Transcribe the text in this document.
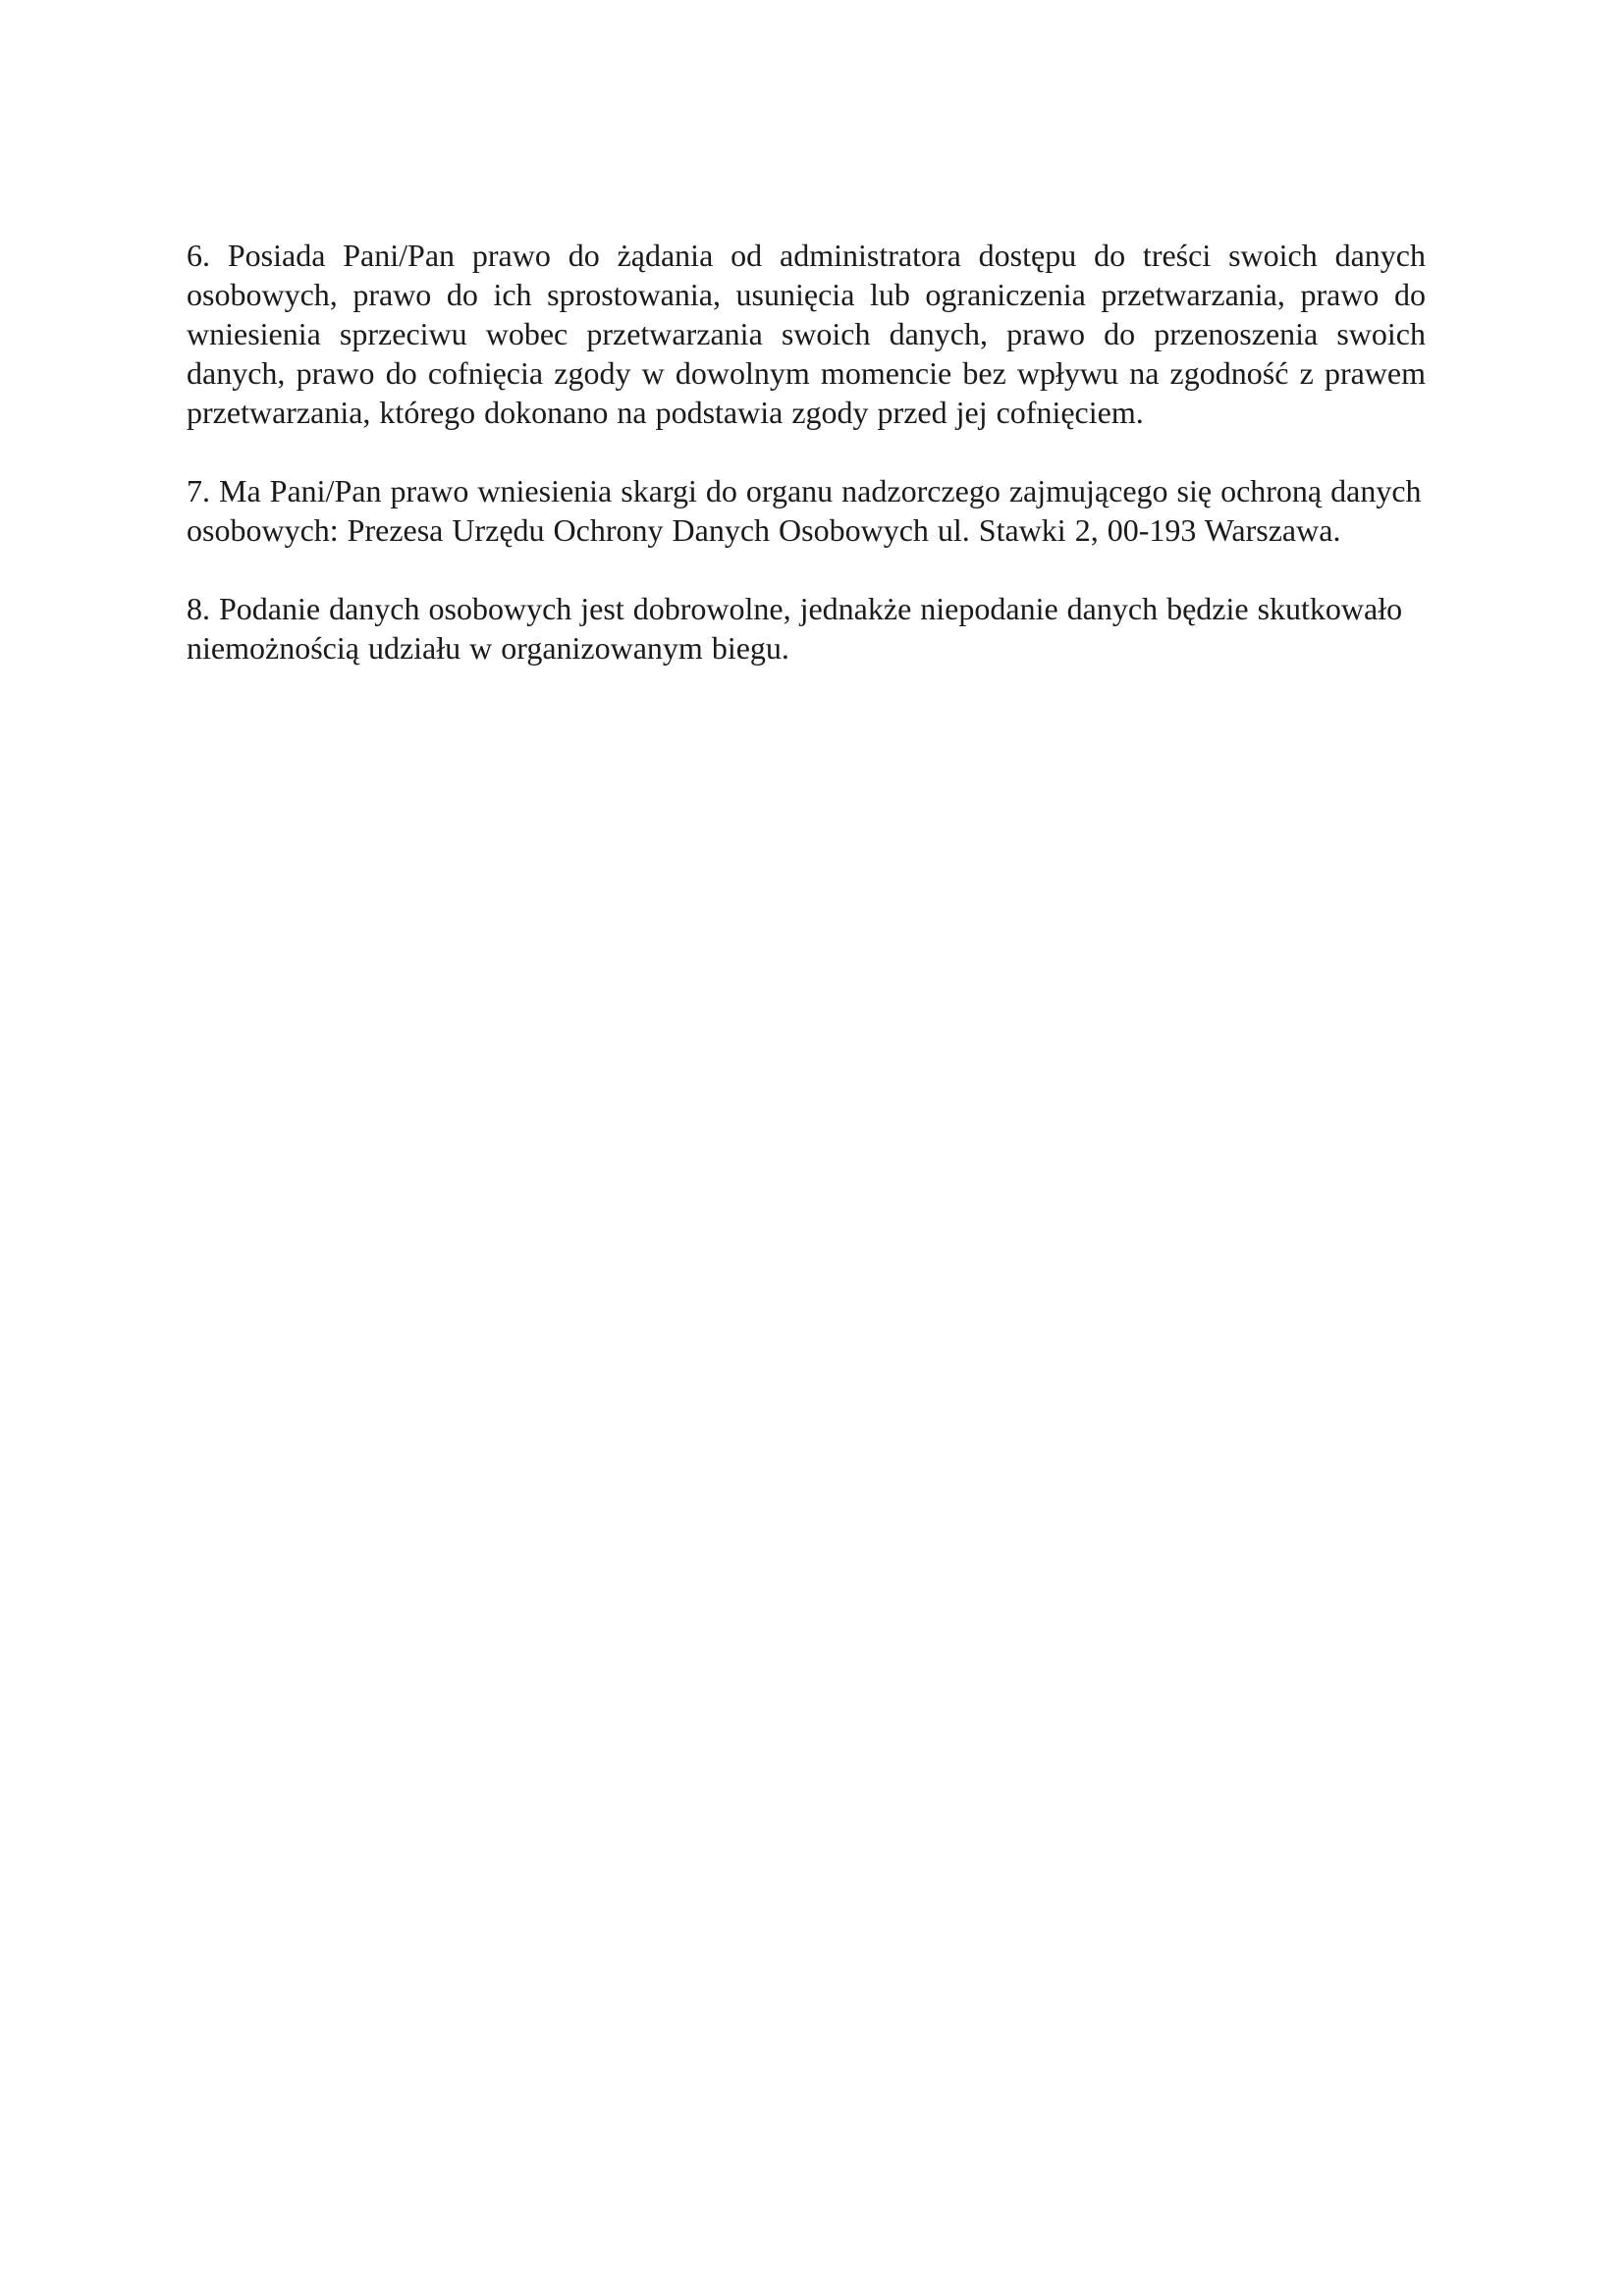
6. Posiada Pani/Pan prawo do żądania od administratora dostępu do treści swoich danych osobowych, prawo do ich sprostowania, usunięcia lub ograniczenia przetwarzania, prawo do wniesienia sprzeciwu wobec przetwarzania swoich danych, prawo do przenoszenia swoich danych, prawo do cofnięcia zgody w dowolnym momencie bez wpływu na zgodność z prawem przetwarzania, którego dokonano na podstawia zgody przed jej cofnięciem.

7. Ma Pani/Pan prawo wniesienia skargi do organu nadzorczego zajmującego się ochroną danych osobowych: Prezesa Urzędu Ochrony Danych Osobowych ul. Stawki 2, 00-193 Warszawa.

8. Podanie danych osobowych jest dobrowolne, jednakże niepodanie danych będzie skutkowało niemożnością udziału w organizowanym biegu.
